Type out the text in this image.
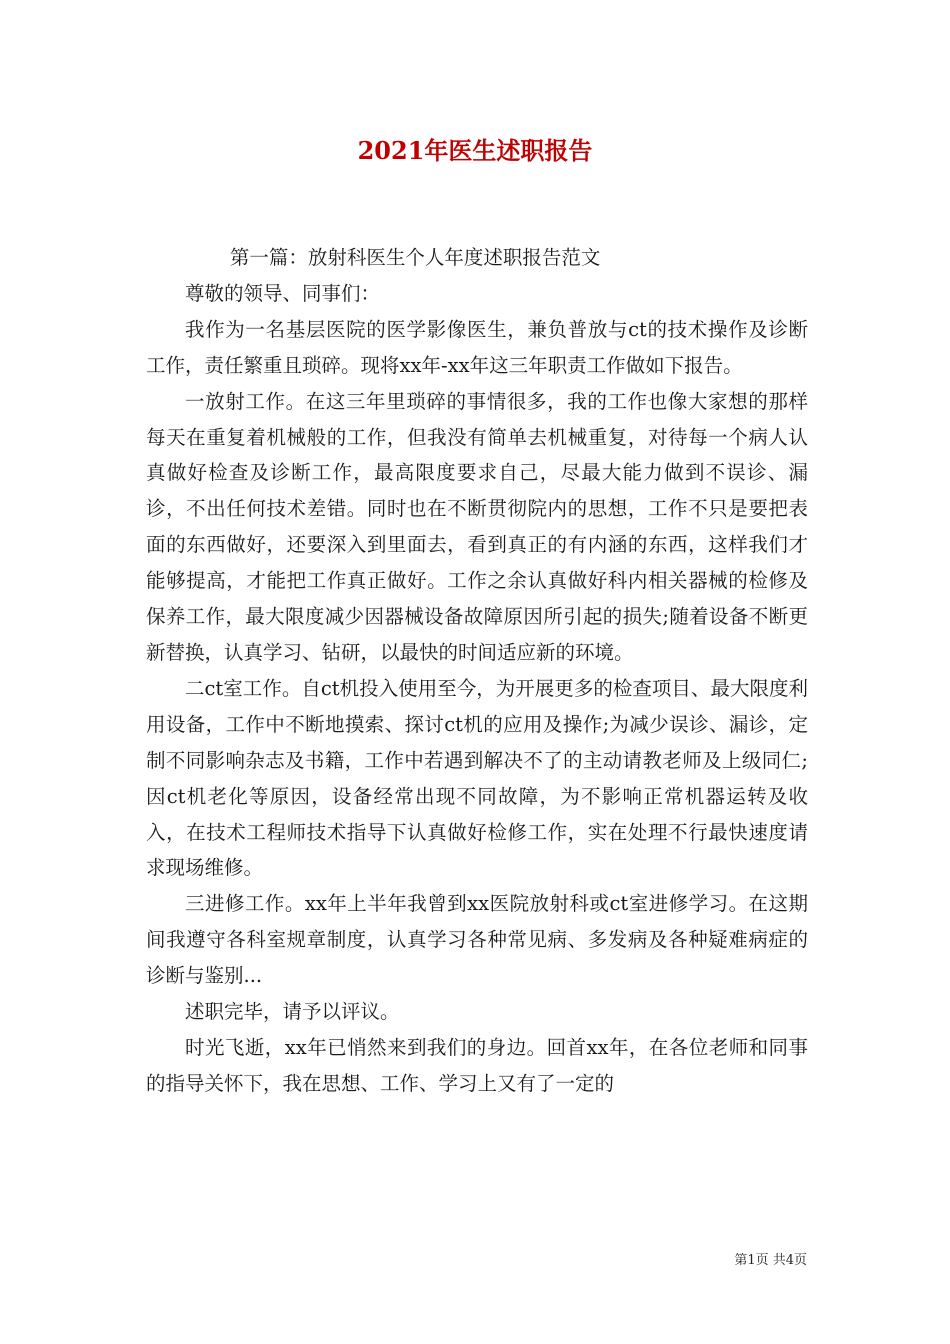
2021年医生述职报告

第一篇：放射科医生个人年度述职报告范文

尊敬的领导、同事们：

我作为一名基层医院的医学影像医生，兼负普放与ct的技术操作及诊断工作，责任繁重且琐碎。现将xx年-xx年这三年职责工作做如下报告。

一放射工作。在这三年里琐碎的事情很多，我的工作也像大家想的那样每天在重复着机械般的工作，但我没有简单去机械重复，对待每一个病人认真做好检查及诊断工作，最高限度要求自己，尽最大能力做到不误诊、漏诊，不出任何技术差错。同时也在不断贯彻院内的思想，工作不只是要把表面的东西做好，还要深入到里面去，看到真正的有内涵的东西，这样我们才能够提高，才能把工作真正做好。工作之余认真做好科内相关器械的检修及保养工作，最大限度减少因器械设备故障原因所引起的损失;随着设备不断更新替换，认真学习、钻研，以最快的时间适应新的环境。

二ct室工作。自ct机投入使用至今，为开展更多的检查项目、最大限度利用设备，工作中不断地摸索、探讨ct机的应用及操作;为减少误诊、漏诊，定制不同影响杂志及书籍，工作中若遇到解决不了的主动请教老师及上级同仁;因ct机老化等原因，设备经常出现不同故障，为不影响正常机器运转及收入，在技术工程师技术指导下认真做好检修工作，实在处理不行最快速度请求现场维修。

三进修工作。xx年上半年我曾到xx医院放射科或ct室进修学习。在这期间我遵守各科室规章制度，认真学习各种常见病、多发病及各种疑难病症的诊断与鉴别...

述职完毕，请予以评议。

时光飞逝，xx年已悄然来到我们的身边。回首xx年，在各位老师和同事的指导关怀下，我在思想、工作、学习上又有了一定的

第1页 共4页
